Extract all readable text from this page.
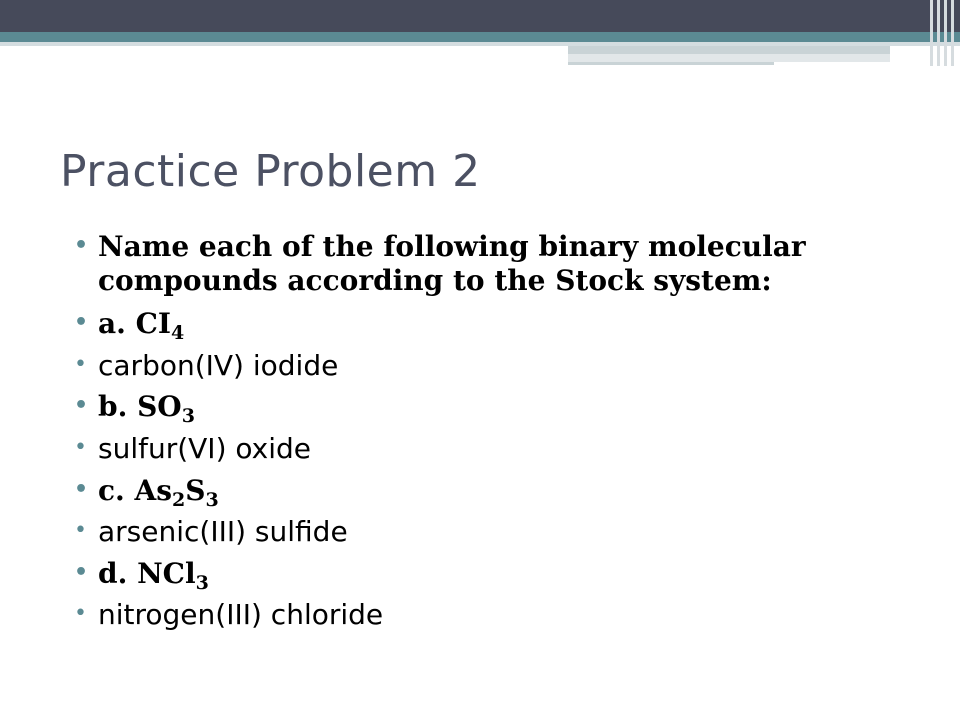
Practice Problem 2
• Name each of the following binary molecular compounds according to the Stock system:
• a. $CI_4$
• carbon(IV) iodide
• b. $SO_3$
• sulfur(VI) oxide
• c. $As_2S_3$
• arsenic(III) sulfide
• d. NCl$_3$
• nitrogen(III) chloride
